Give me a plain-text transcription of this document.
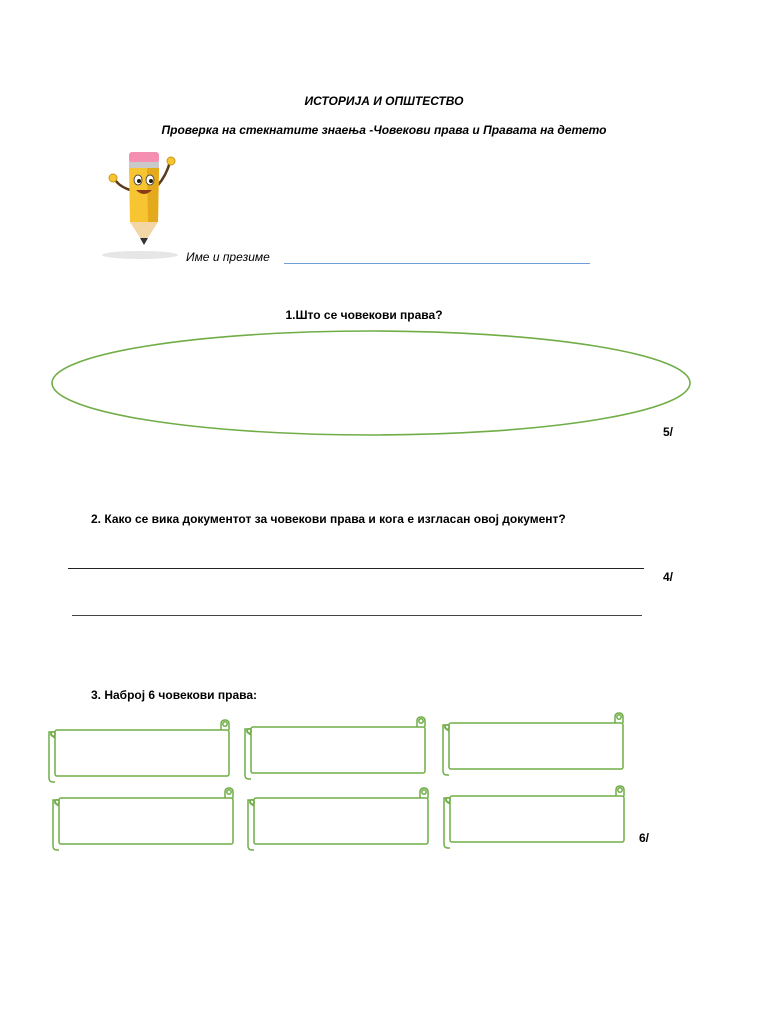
ИСТОРИЈА И ОПШТЕСТВО
Проверка на стекнатите знаења -Човекови права и Правата на детето
Име и презиме
1.Што се човекови права?
5/
2. Како се вика документот за човекови права и кога е изгласан овој документ?
4/
3. Наброј 6 човекови права:
6/
